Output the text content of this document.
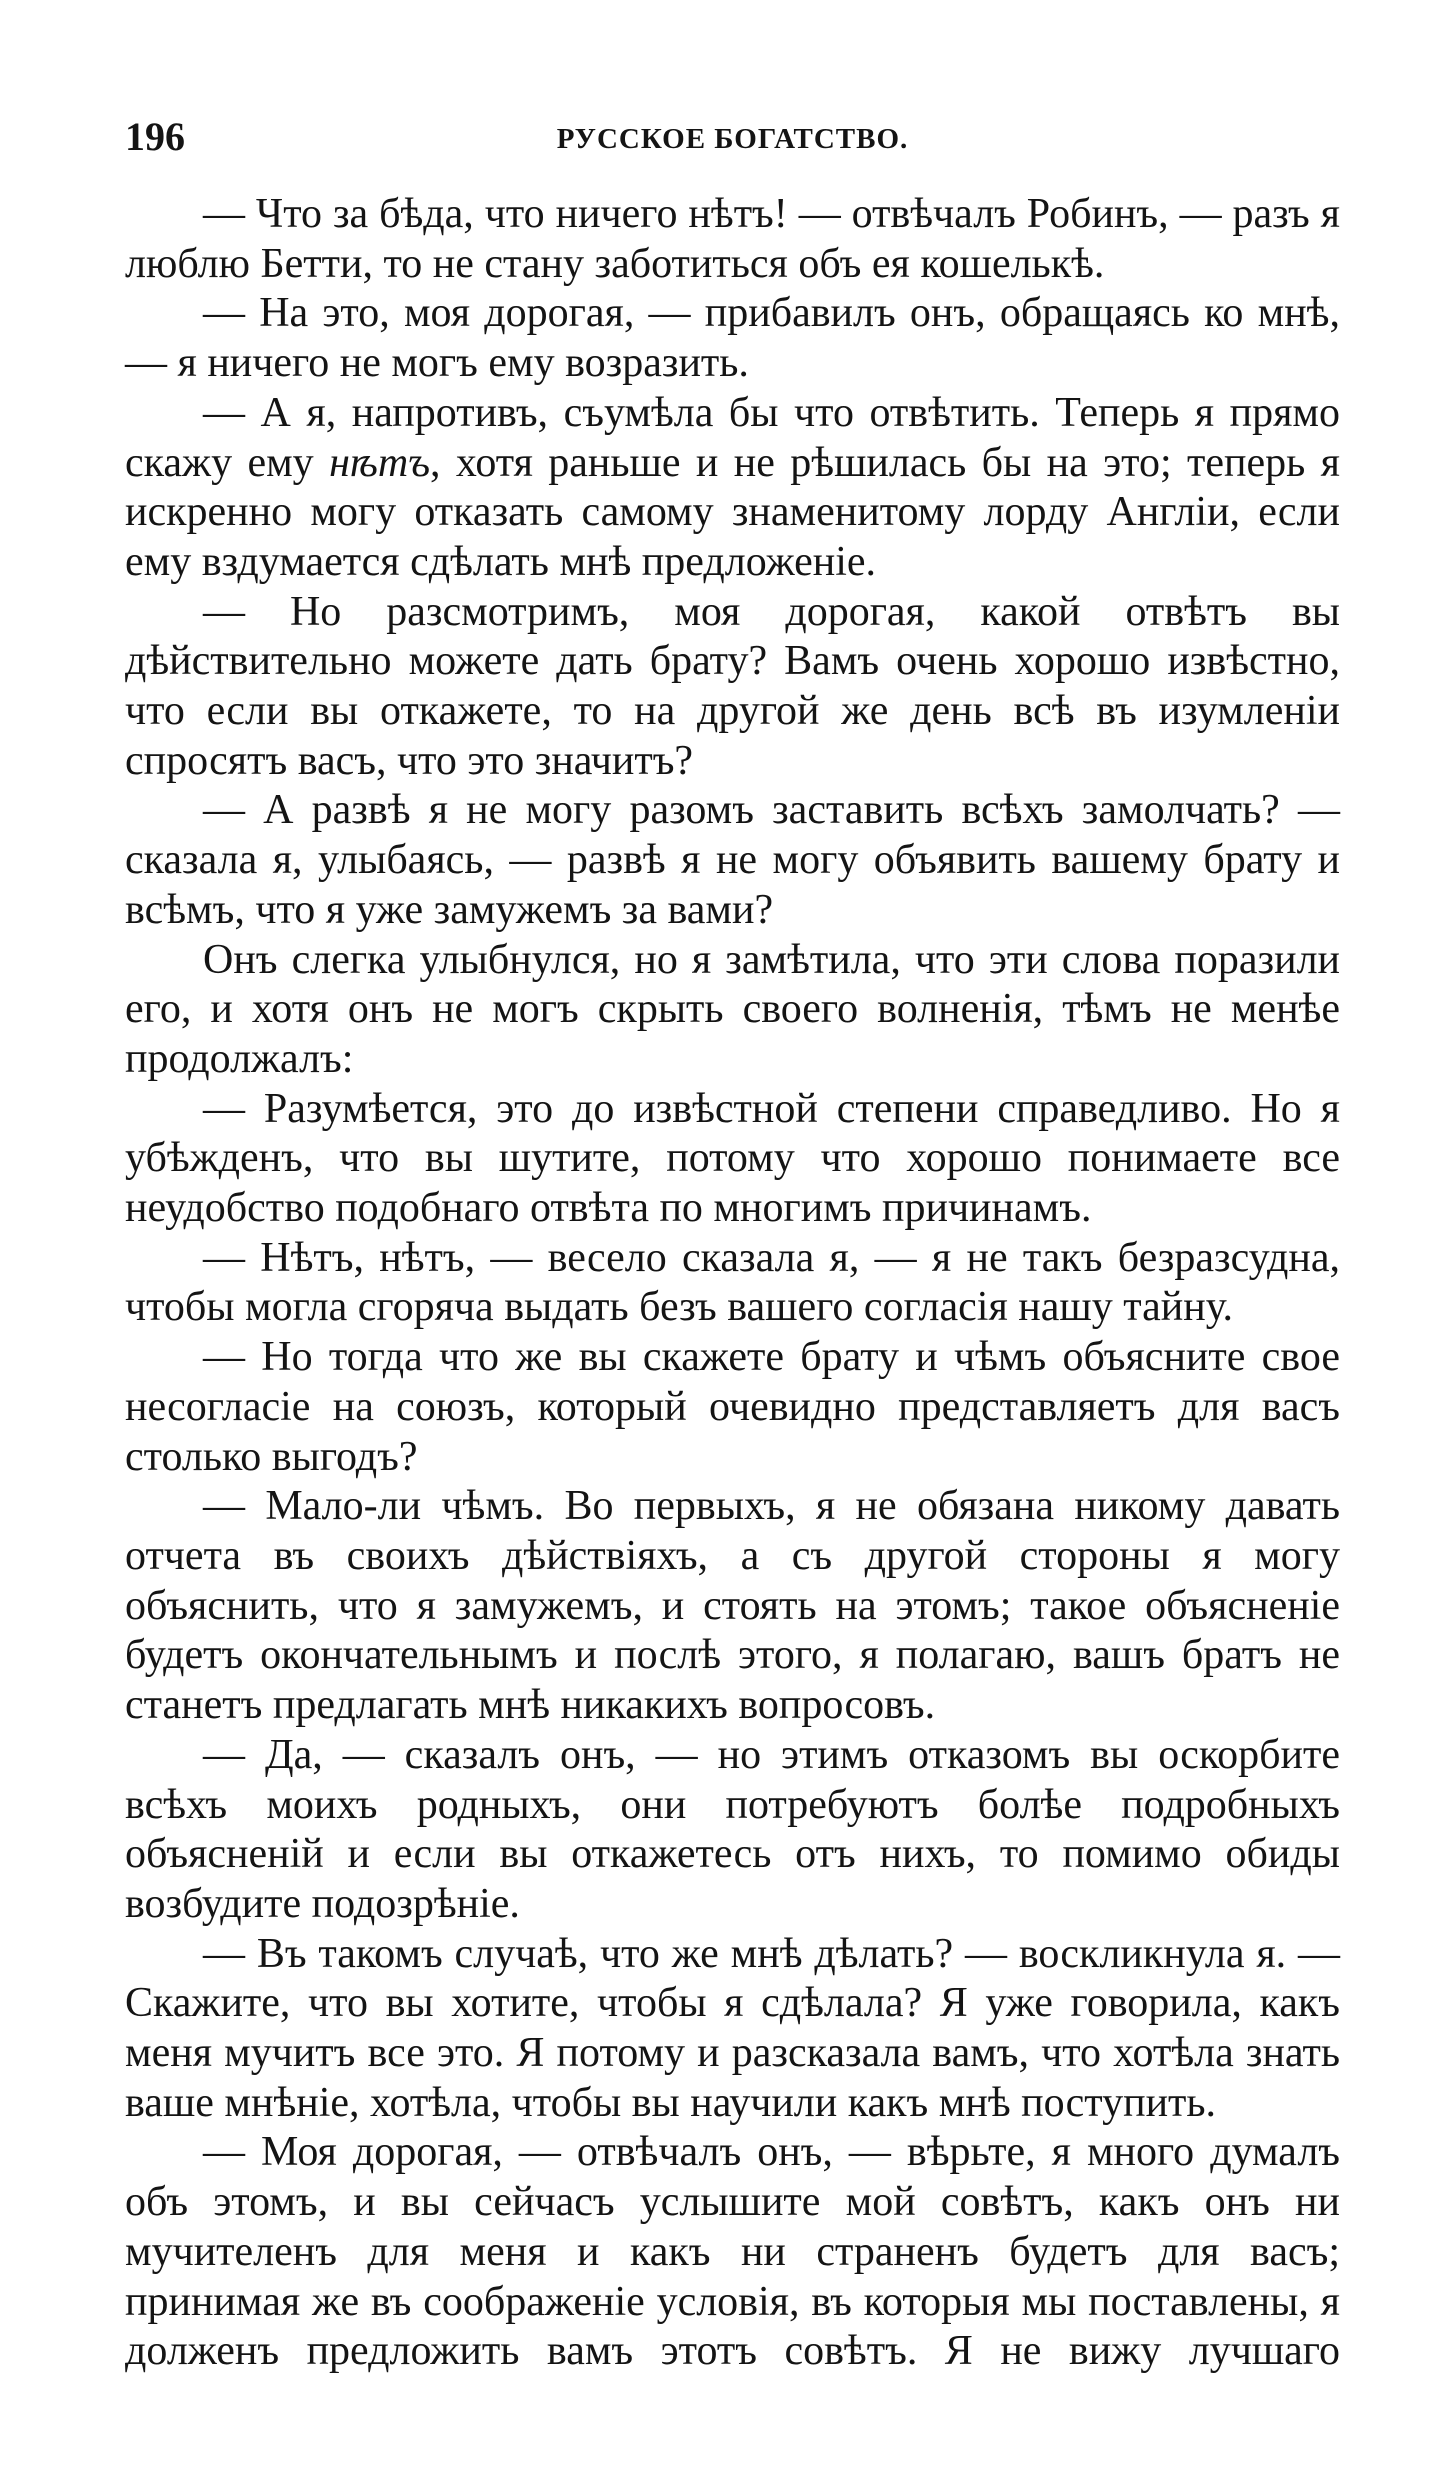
196	РУССКОЕ БОГАТСТВО.

— Что за бѣда, что ничего нѣтъ! — отвѣчалъ Робинъ, — разъ я люблю Бетти, то не стану заботиться объ ея кошелькѣ.

— На это, моя дорогая, — прибавилъ онъ, обращаясь ко мнѣ, — я ничего не могъ ему возразить.

— А я, напротивъ, съумѣла бы что отвѣтить. Теперь я прямо скажу ему нѣтъ, хотя раньше и не рѣшилась бы на это; теперь я искренно могу отказать самому знаменитому лорду Англіи, если ему вздумается сдѣлать мнѣ предложеніе.

— Но разсмотримъ, моя дорогая, какой отвѣтъ вы дѣйствительно можете дать брату? Вамъ очень хорошо извѣстно, что если вы откажете, то на другой же день всѣ въ изумленіи спросятъ васъ, что это значитъ?

— А развѣ я не могу разомъ заставить всѣхъ замолчать? — сказала я, улыбаясь, — развѣ я не могу объявить вашему брату и всѣмъ, что я уже замужемъ за вами?

Онъ слегка улыбнулся, но я замѣтила, что эти слова поразили его, и хотя онъ не могъ скрыть своего волненія, тѣмъ не менѣе продолжалъ:

— Разумѣется, это до извѣстной степени справедливо. Но я убѣжденъ, что вы шутите, потому что хорошо понимаете все неудобство подобнаго отвѣта по многимъ причинамъ.

— Нѣтъ, нѣтъ, — весело сказала я, — я не такъ безразсудна, чтобы могла сгоряча выдать безъ вашего согласія нашу тайну.

— Но тогда что же вы скажете брату и чѣмъ объясните свое несогласіе на союзъ, который очевидно представляетъ для васъ столько выгодъ?

— Мало-ли чѣмъ. Во первыхъ, я не обязана никому давать отчета въ своихъ дѣйствіяхъ, а съ другой стороны я могу объяснить, что я замужемъ, и стоять на этомъ; такое объясненіе будетъ окончательнымъ и послѣ этого, я полагаю, вашъ братъ не станетъ предлагать мнѣ никакихъ вопросовъ.

— Да, — сказалъ онъ, — но этимъ отказомъ вы оскорбите всѣхъ моихъ родныхъ, они потребуютъ болѣе подробныхъ объясненій и если вы откажетесь отъ нихъ, то помимо обиды возбудите подозрѣніе.

— Въ такомъ случаѣ, что же мнѣ дѣлать? — воскликнула я. — Скажите, что вы хотите, чтобы я сдѣлала? Я уже говорила, какъ меня мучитъ все это. Я потому и разсказала вамъ, что хотѣла знать ваше мнѣніе, хотѣла, чтобы вы научили какъ мнѣ поступить.

— Моя дорогая, — отвѣчалъ онъ, — вѣрьте, я много думалъ объ этомъ, и вы сейчасъ услышите мой совѣтъ, какъ онъ ни мучителенъ для меня и какъ ни страненъ будетъ для васъ; принимая же въ соображеніе условія, въ которыя мы поставлены, я долженъ предложить вамъ этотъ совѣтъ. Я не вижу лучшаго
